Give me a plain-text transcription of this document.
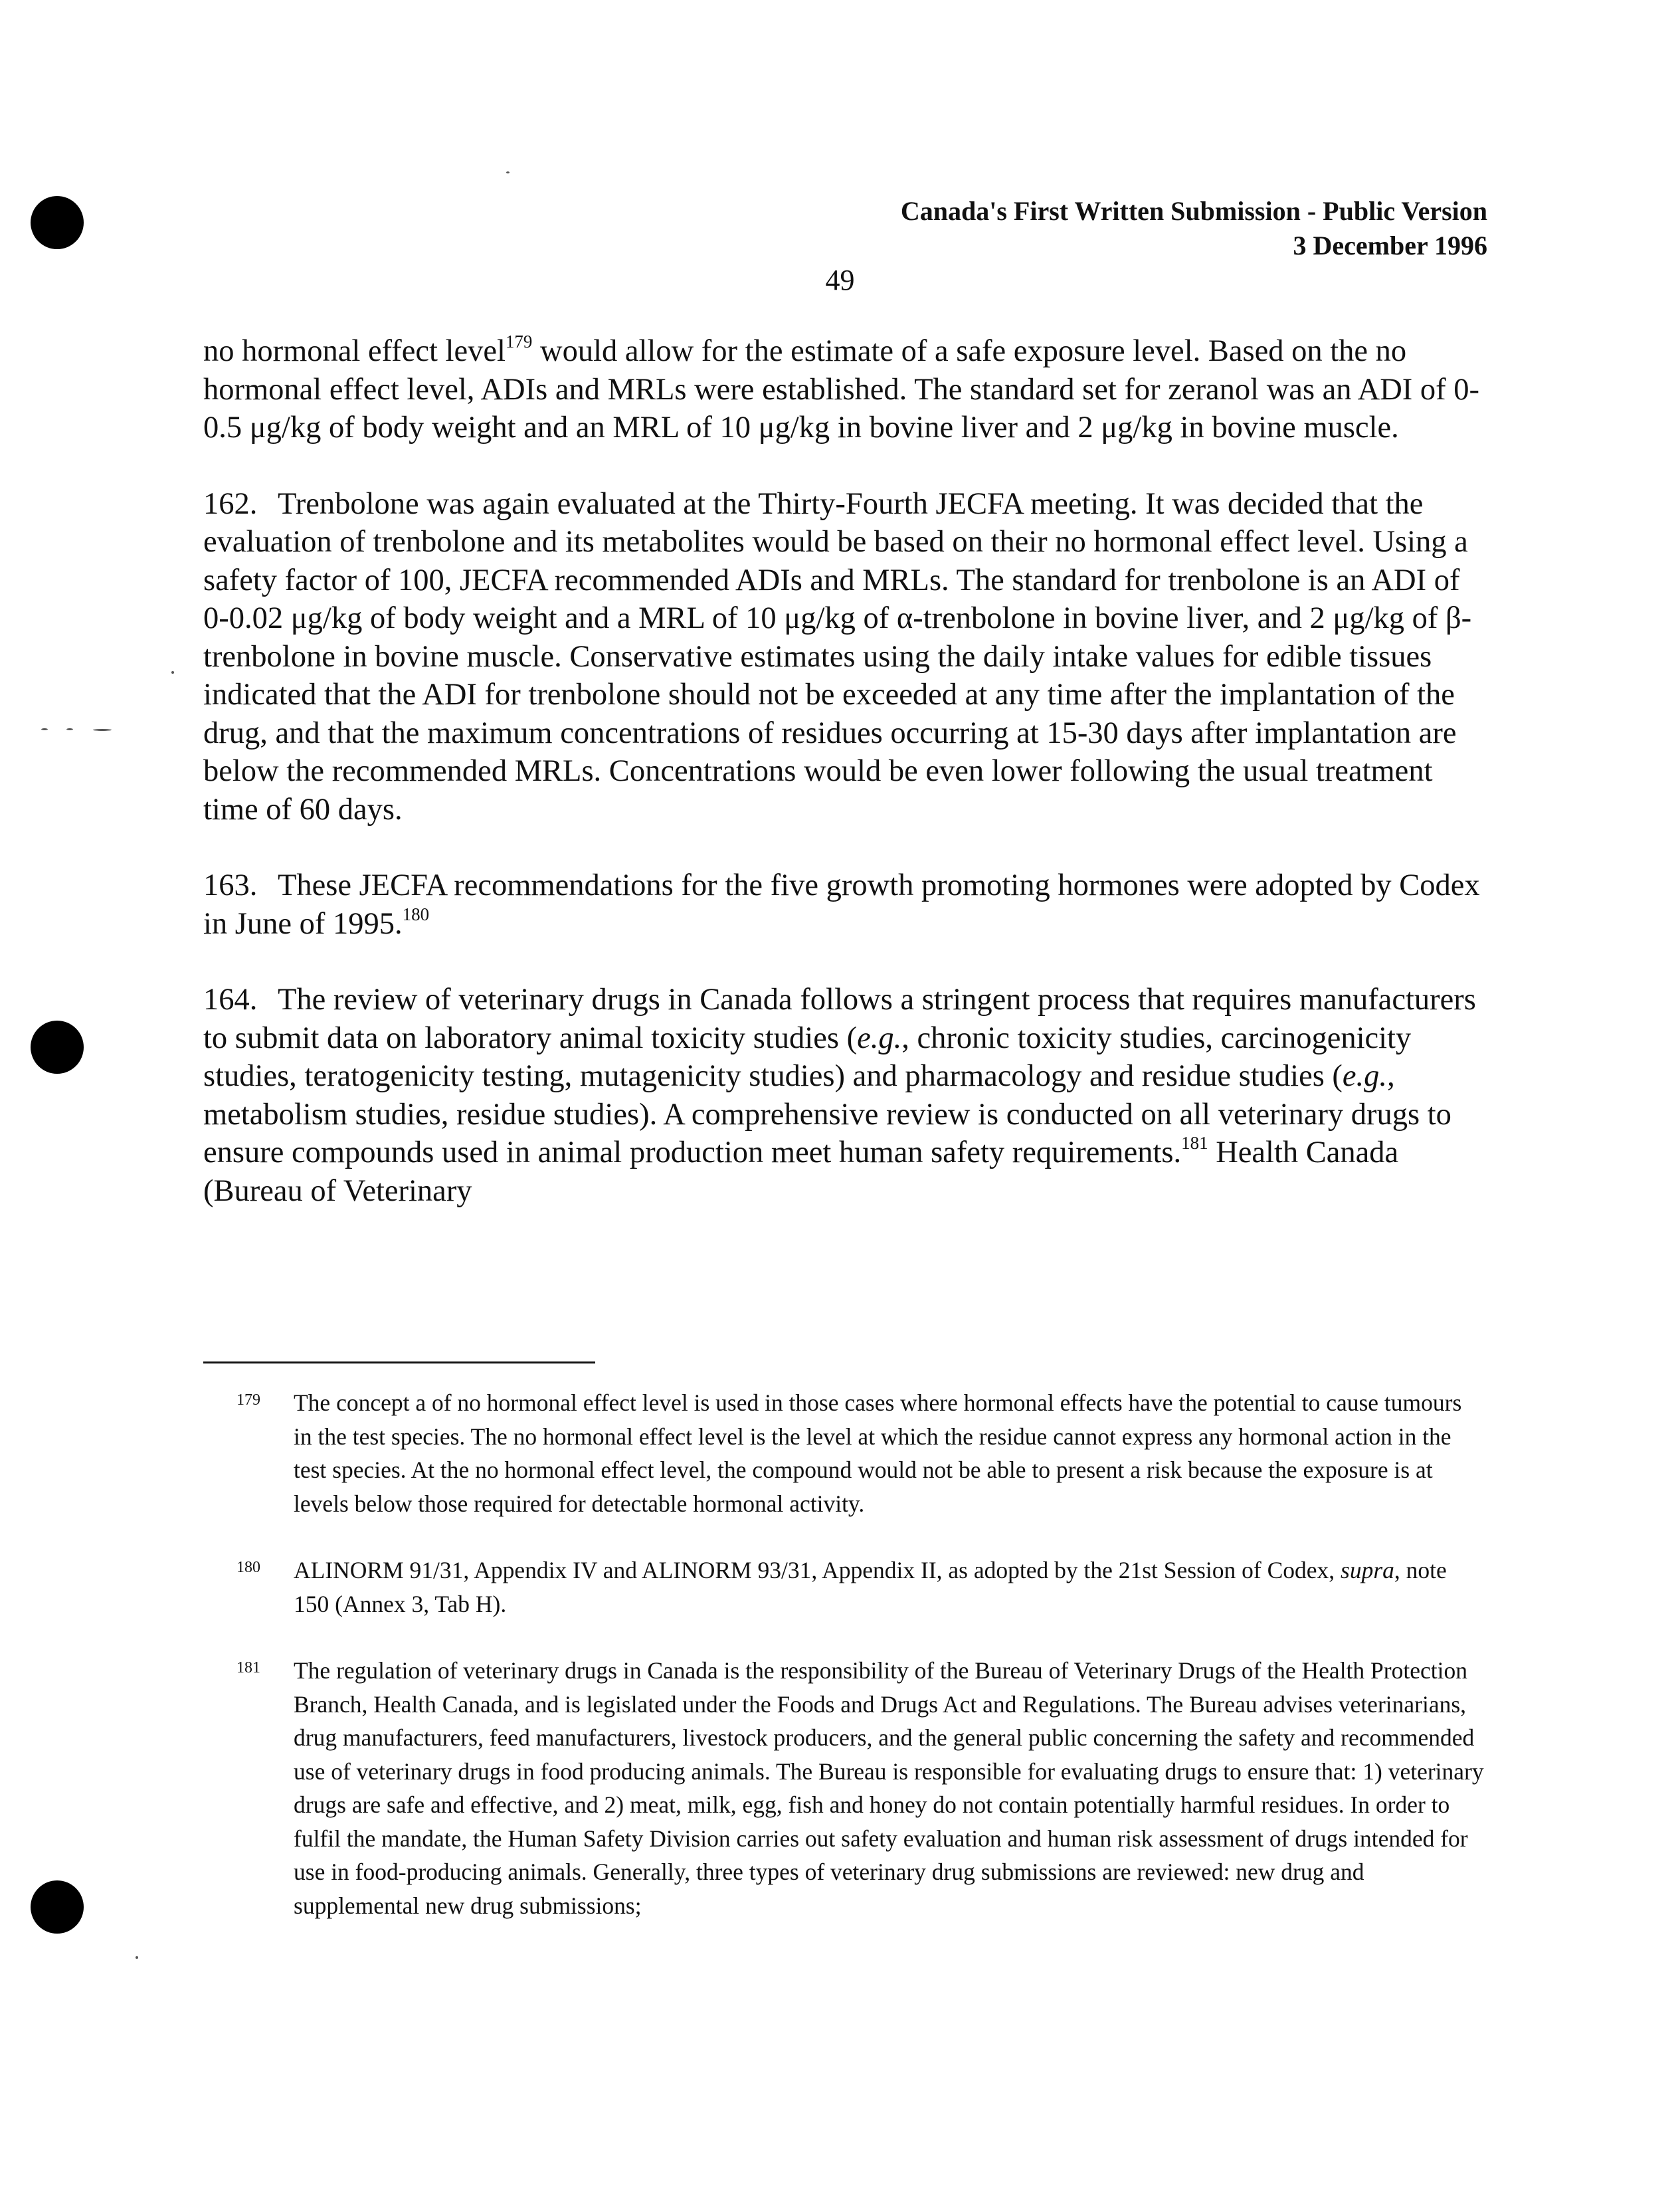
Canada's First Written Submission - Public Version
3 December 1996
49

no hormonal effect level$^{179}$ would allow for the estimate of a safe exposure level. Based on the no hormonal effect level, ADIs and MRLs were established. The standard set for zeranol was an ADI of 0-0.5 μg/kg of body weight and an MRL of 10 μg/kg in bovine liver and 2 μg/kg in bovine muscle.

162. Trenbolone was again evaluated at the Thirty-Fourth JECFA meeting. It was decided that the evaluation of trenbolone and its metabolites would be based on their no hormonal effect level. Using a safety factor of 100, JECFA recommended ADIs and MRLs. The standard for trenbolone is an ADI of 0-0.02 μg/kg of body weight and a MRL of 10 μg/kg of α-trenbolone in bovine liver, and 2 μg/kg of β-trenbolone in bovine muscle. Conservative estimates using the daily intake values for edible tissues indicated that the ADI for trenbolone should not be exceeded at any time after the implantation of the drug, and that the maximum concentrations of residues occurring at 15-30 days after implantation are below the recommended MRLs. Concentrations would be even lower following the usual treatment time of 60 days.

163. These JECFA recommendations for the five growth promoting hormones were adopted by Codex in June of 1995.$^{180}$

164. The review of veterinary drugs in Canada follows a stringent process that requires manufacturers to submit data on laboratory animal toxicity studies (e.g., chronic toxicity studies, carcinogenicity studies, teratogenicity testing, mutagenicity studies) and pharmacology and residue studies (e.g., metabolism studies, residue studies). A comprehensive review is conducted on all veterinary drugs to ensure compounds used in animal production meet human safety requirements.$^{181}$ Health Canada (Bureau of Veterinary

179 The concept a of no hormonal effect level is used in those cases where hormonal effects have the potential to cause tumours in the test species. The no hormonal effect level is the level at which the residue cannot express any hormonal action in the test species. At the no hormonal effect level, the compound would not be able to present a risk because the exposure is at levels below those required for detectable hormonal activity.
180 ALINORM 91/31, Appendix IV and ALINORM 93/31, Appendix II, as adopted by the 21st Session of Codex, supra, note 150 (Annex 3, Tab H).
181 The regulation of veterinary drugs in Canada is the responsibility of the Bureau of Veterinary Drugs of the Health Protection Branch, Health Canada, and is legislated under the Foods and Drugs Act and Regulations. The Bureau advises veterinarians, drug manufacturers, feed manufacturers, livestock producers, and the general public concerning the safety and recommended use of veterinary drugs in food producing animals. The Bureau is responsible for evaluating drugs to ensure that: 1) veterinary drugs are safe and effective, and 2) meat, milk, egg, fish and honey do not contain potentially harmful residues. In order to fulfil the mandate, the Human Safety Division carries out safety evaluation and human risk assessment of drugs intended for use in food-producing animals. Generally, three types of veterinary drug submissions are reviewed: new drug and supplemental new drug submissions;
